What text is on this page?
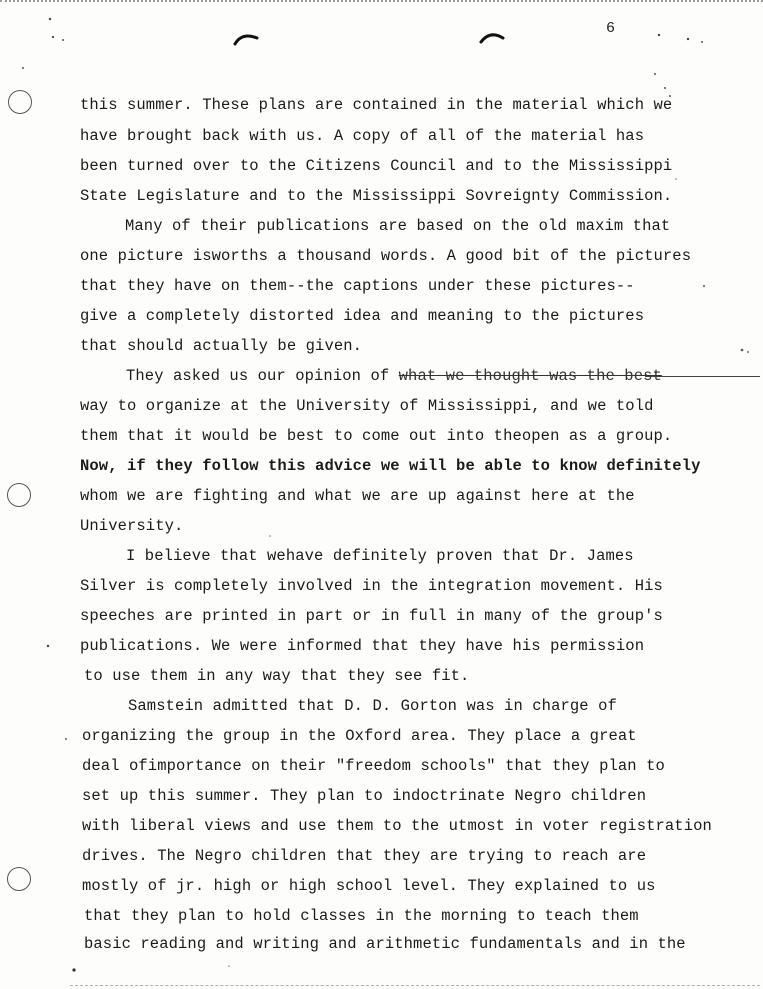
6
this summer. These plans are contained in the material which we
have brought back with us. A copy of all of the material has
been turned over to the Citizens Council and to the Mississippi
State Legislature and to the Mississippi Sovreignty Commission.
Many of their publications are based on the old maxim that
one picture isworths a thousand words. A good bit of the pictures
that they have on them--the captions under these pictures--
give a completely distorted idea and meaning to the pictures
that should actually be given.
They asked us our opinion of what we thought was the best
way to organize at the University of Mississippi, and we told
them that it would be best to come out into theopen as a group.
Now, if they follow this advice we will be able to know definitely
whom we are fighting and what we are up against here at the
University.
I believe that wehave definitely proven that Dr. James
Silver is completely involved in the integration movement. His
speeches are printed in part or in full in many of the group's
publications. We were informed that they have his permission
to use them in any way that they see fit.
Samstein admitted that D. D. Gorton was in charge of
organizing the group in the Oxford area. They place a great
deal ofimportance on their "freedom schools" that they plan to
set up this summer. They plan to indoctrinate Negro children
with liberal views and use them to the utmost in voter registration
drives. The Negro children that they are trying to reach are
mostly of jr. high or high school level. They explained to us
that they plan to hold classes in the morning to teach them
basic reading and writing and arithmetic fundamentals and in the
